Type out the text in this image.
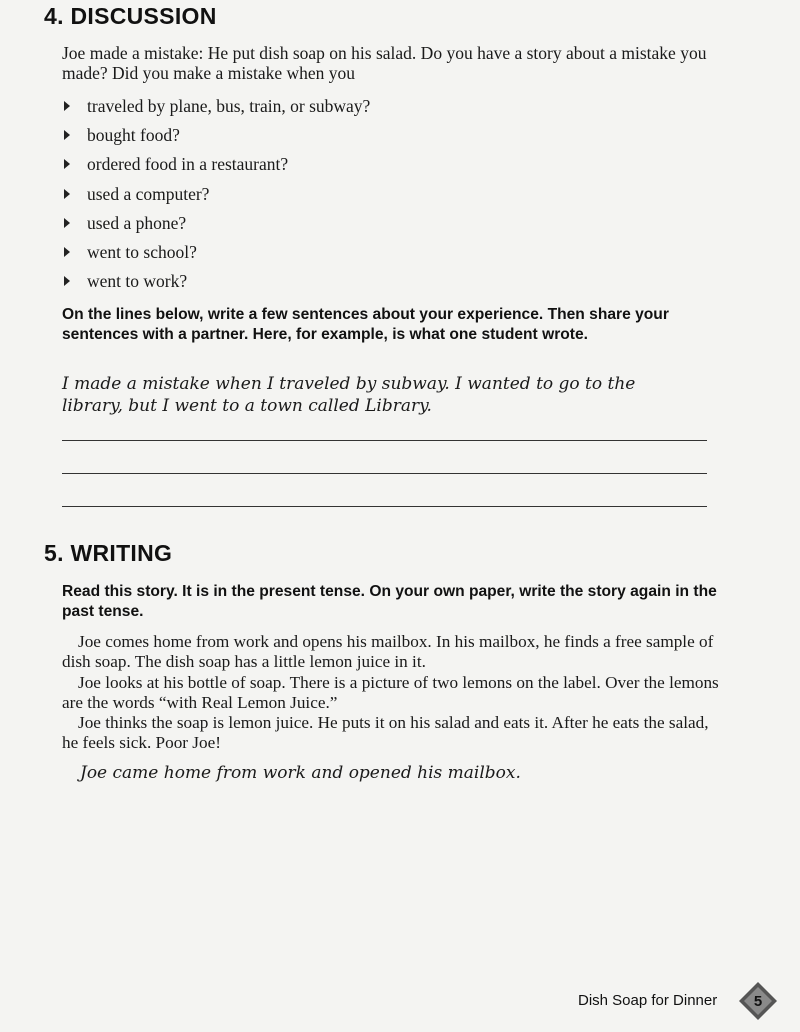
4. DISCUSSION
Joe made a mistake: He put dish soap on his salad. Do you have a story about a mistake you made? Did you make a mistake when you
traveled by plane, bus, train, or subway?
bought food?
ordered food in a restaurant?
used a computer?
used a phone?
went to school?
went to work?
On the lines below, write a few sentences about your experience. Then share your sentences with a partner. Here, for example, is what one student wrote.
I made a mistake when I traveled by subway. I wanted to go to the
library, but I went to a town called Library.
5. WRITING
Read this story. It is in the present tense. On your own paper, write the story again in the past tense.

Joe comes home from work and opens his mailbox. In his mailbox, he finds a free sample of dish soap. The dish soap has a little lemon juice in it.

Joe looks at his bottle of soap. There is a picture of two lemons on the label. Over the lemons are the words “with Real Lemon Juice.”

Joe thinks the soap is lemon juice. He puts it on his salad and eats it. After he eats the salad, he feels sick. Poor Joe!

Joe came home from work and opened his mailbox.
Dish Soap for Dinner	5
